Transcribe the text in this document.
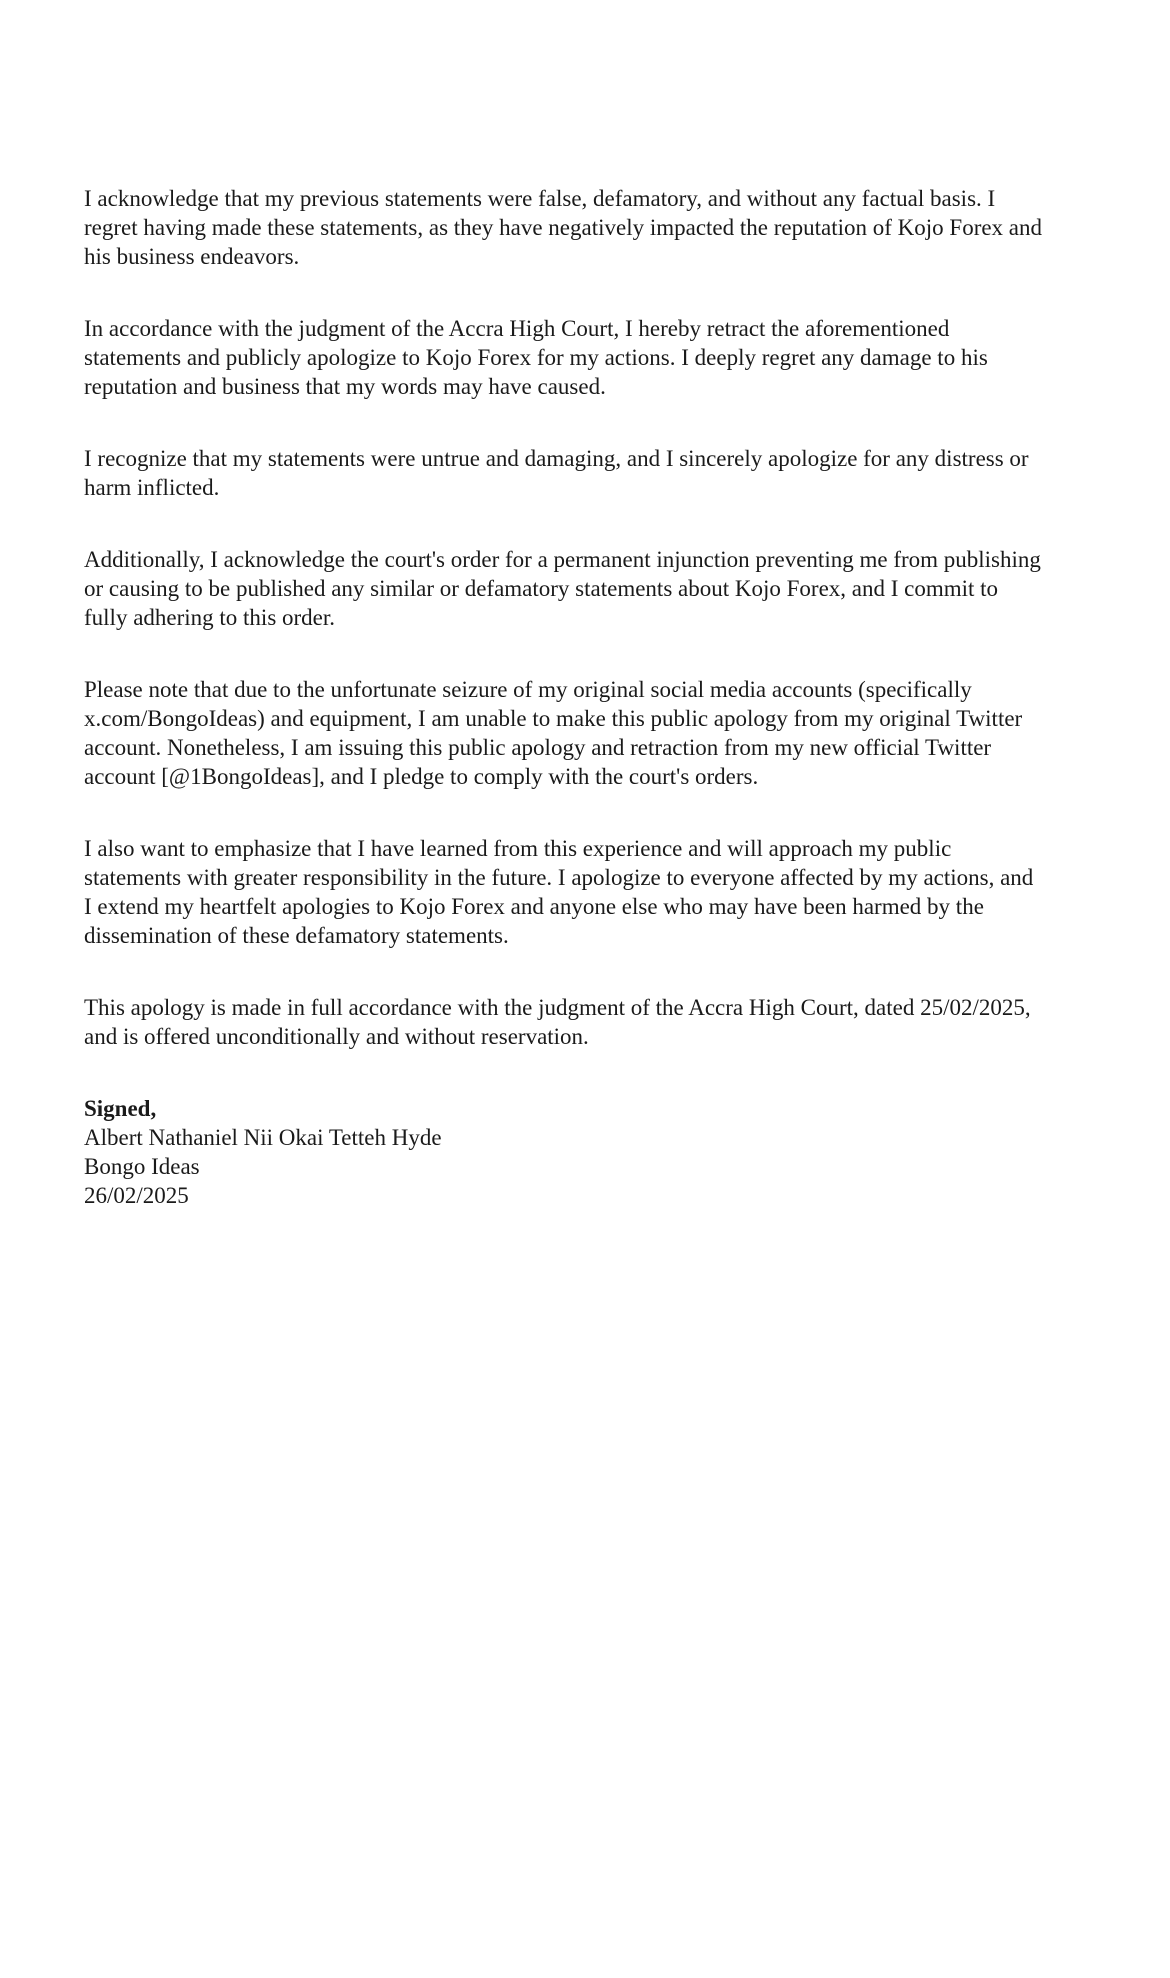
I acknowledge that my previous statements were false, defamatory, and without any factual basis. I regret having made these statements, as they have negatively impacted the reputation of Kojo Forex and his business endeavors.

In accordance with the judgment of the Accra High Court, I hereby retract the aforementioned statements and publicly apologize to Kojo Forex for my actions. I deeply regret any damage to his reputation and business that my words may have caused.

I recognize that my statements were untrue and damaging, and I sincerely apologize for any distress or harm inflicted.

Additionally, I acknowledge the court's order for a permanent injunction preventing me from publishing or causing to be published any similar or defamatory statements about Kojo Forex, and I commit to fully adhering to this order.

Please note that due to the unfortunate seizure of my original social media accounts (specifically x.com/BongoIdeas) and equipment, I am unable to make this public apology from my original Twitter account. Nonetheless, I am issuing this public apology and retraction from my new official Twitter account [@1BongoIdeas], and I pledge to comply with the court's orders.

I also want to emphasize that I have learned from this experience and will approach my public statements with greater responsibility in the future. I apologize to everyone affected by my actions, and I extend my heartfelt apologies to Kojo Forex and anyone else who may have been harmed by the dissemination of these defamatory statements.

This apology is made in full accordance with the judgment of the Accra High Court, dated 25/02/2025, and is offered unconditionally and without reservation.

Signed,
Albert Nathaniel Nii Okai Tetteh Hyde
Bongo Ideas
26/02/2025
